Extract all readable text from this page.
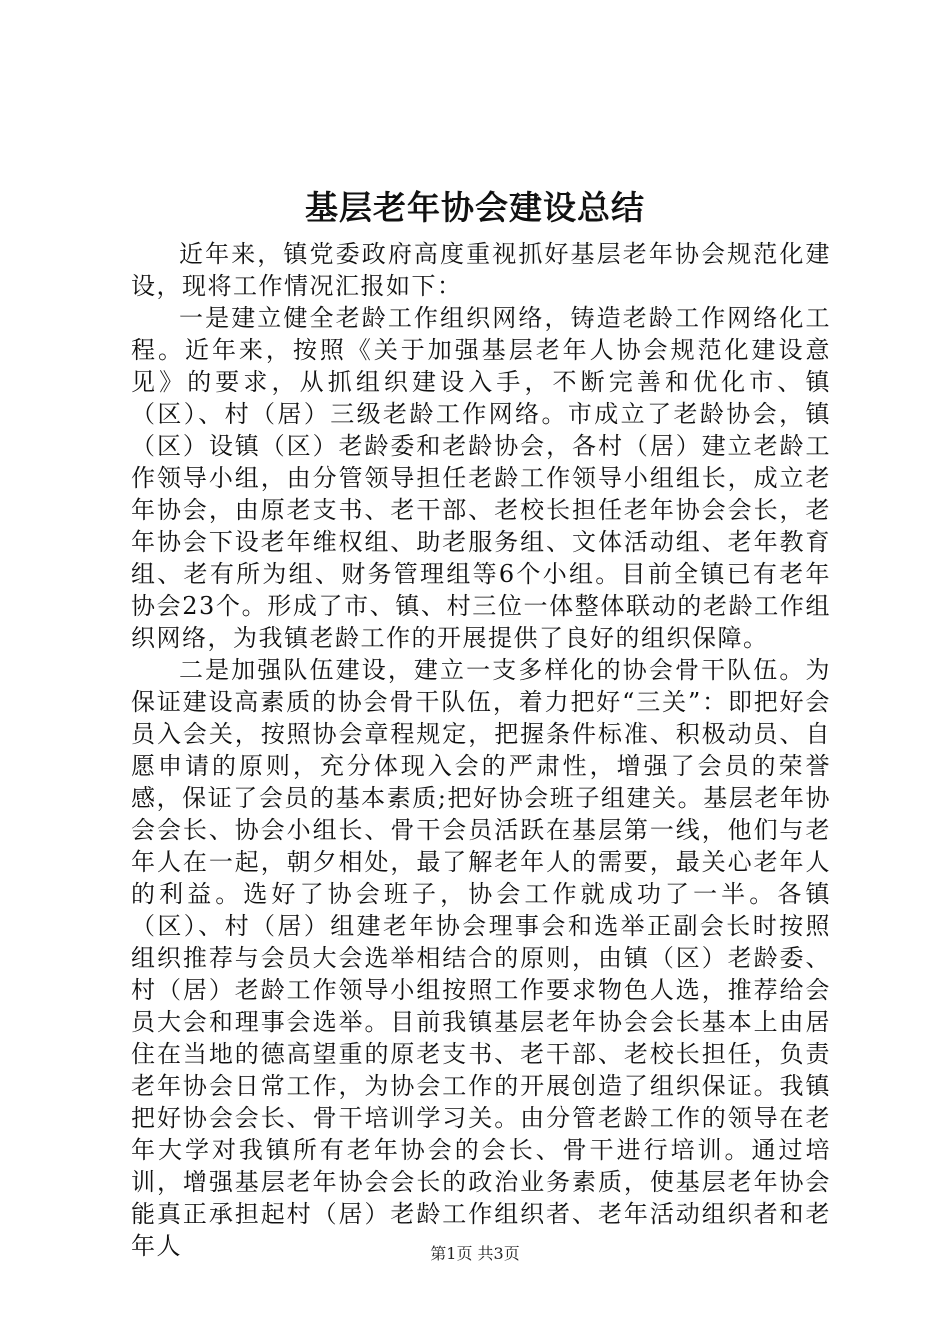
基层老年协会建设总结

近年来，镇党委政府高度重视抓好基层老年协会规范化建设，现将工作情况汇报如下：

一是建立健全老龄工作组织网络，铸造老龄工作网络化工程。近年来，按照《关于加强基层老年人协会规范化建设意见》的要求，从抓组织建设入手，不断完善和优化市、镇（区）、村（居）三级老龄工作网络。市成立了老龄协会，镇（区）设镇（区）老龄委和老龄协会，各村（居）建立老龄工作领导小组，由分管领导担任老龄工作领导小组组长，成立老年协会，由原老支书、老干部、老校长担任老年协会会长，老年协会下设老年维权组、助老服务组、文体活动组、老年教育组、老有所为组、财务管理组等6个小组。目前全镇已有老年协会23个。形成了市、镇、村三位一体整体联动的老龄工作组织网络，为我镇老龄工作的开展提供了良好的组织保障。

二是加强队伍建设，建立一支多样化的协会骨干队伍。为保证建设高素质的协会骨干队伍，着力把好“三关”：即把好会员入会关，按照协会章程规定，把握条件标准、积极动员、自愿申请的原则，充分体现入会的严肃性，增强了会员的荣誉感，保证了会员的基本素质;把好协会班子组建关。基层老年协会会长、协会小组长、骨干会员活跃在基层第一线，他们与老年人在一起，朝夕相处，最了解老年人的需要，最关心老年人的利益。选好了协会班子，协会工作就成功了一半。各镇（区）、村（居）组建老年协会理事会和选举正副会长时按照组织推荐与会员大会选举相结合的原则，由镇（区）老龄委、村（居）老龄工作领导小组按照工作要求物色人选，推荐给会员大会和理事会选举。目前我镇基层老年协会会长基本上由居住在当地的德高望重的原老支书、老干部、老校长担任，负责老年协会日常工作，为协会工作的开展创造了组织保证。我镇把好协会会长、骨干培训学习关。由分管老龄工作的领导在老年大学对我镇所有老年协会的会长、骨干进行培训。通过培训，增强基层老年协会会长的政治业务素质，使基层老年协会能真正承担起村（居）老龄工作组织者、老年活动组织者和老年人	第1页 共3页
